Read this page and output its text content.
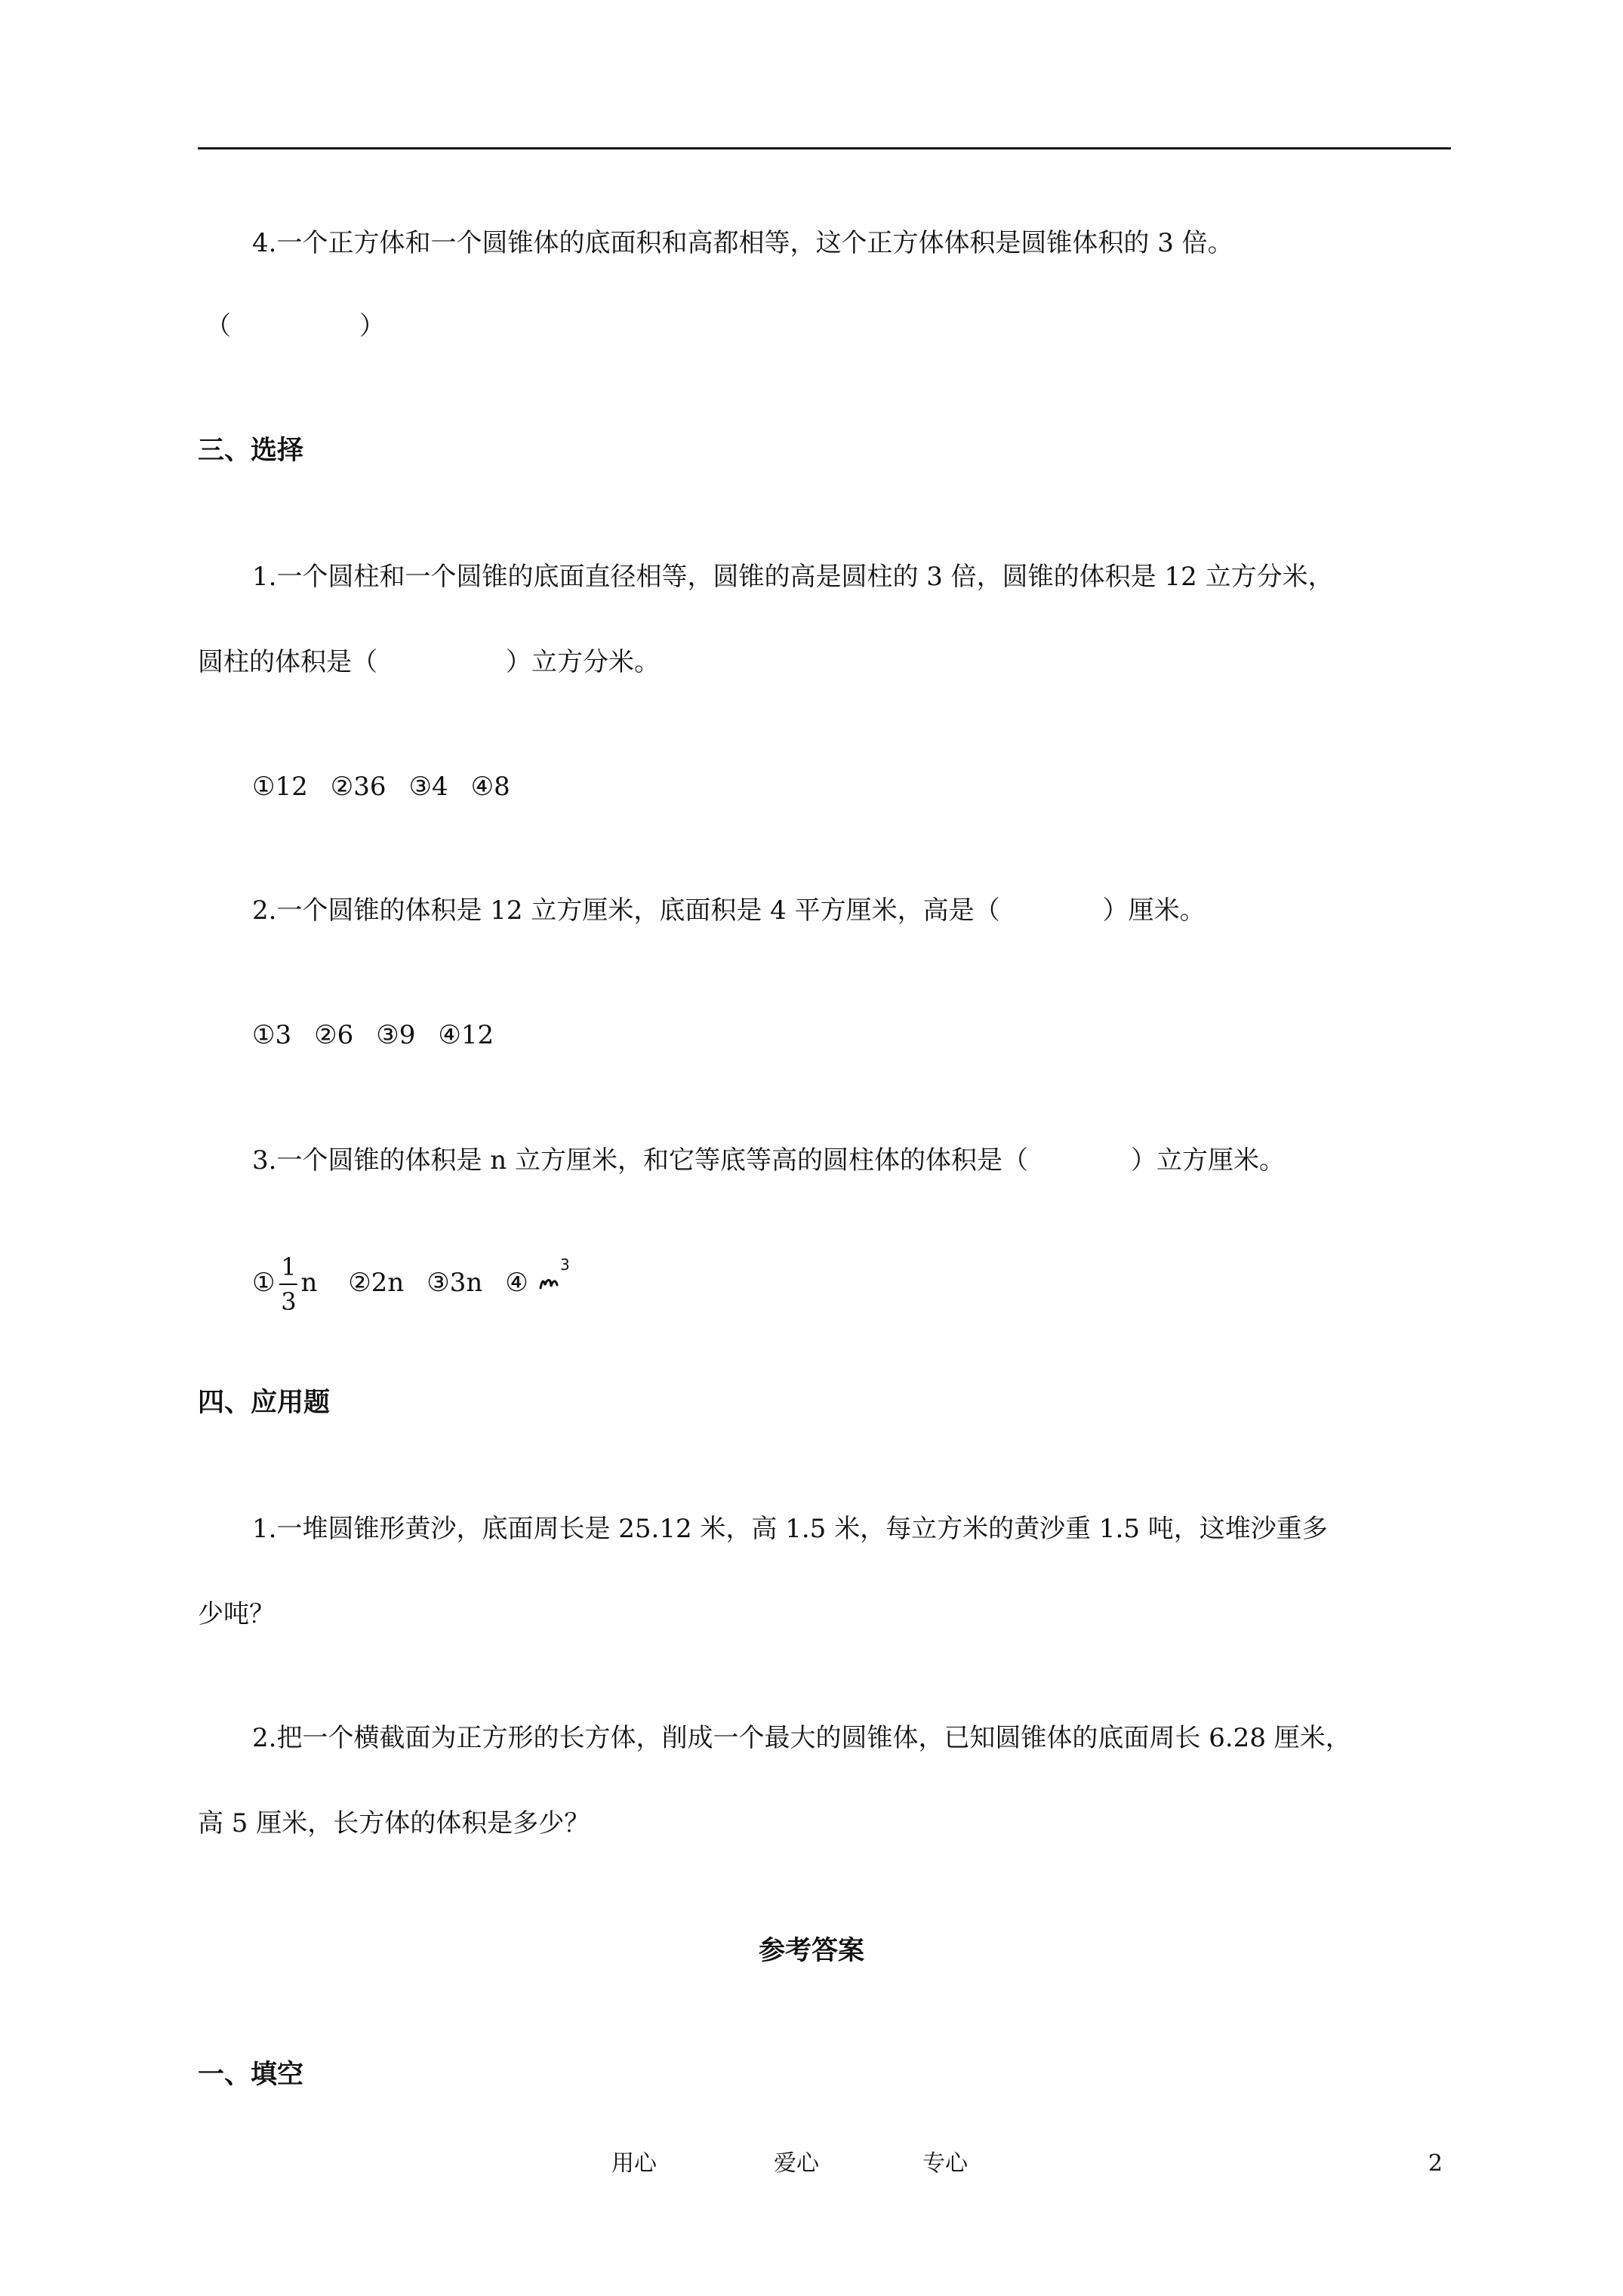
4.一个正方体和一个圆锥体的底面积和高都相等，这个正方体体积是圆锥体积的 3 倍。
（　　　　　）
三、选择
1.一个圆柱和一个圆锥的底面直径相等，圆锥的高是圆柱的 3 倍，圆锥的体积是 12 立方分米，
圆柱的体积是（　　　　　）立方分米。
①12 ②36 ③4 ④8
2.一个圆锥的体积是 12 立方厘米，底面积是 4 平方厘米，高是（　　　　）厘米。
①3 ②6 ③9 ④12
3.一个圆锥的体积是 n 立方厘米，和它等底等高的圆柱体的体积是（　　　　）立方厘米。
① $\frac{1}{3}$ n ②2n ③3n ④
3
四、应用题
1.一堆圆锥形黄沙，底面周长是 25.12 米，高 1.5 米，每立方米的黄沙重 1.5 吨，这堆沙重多
少吨？
2.把一个横截面为正方形的长方体，削成一个最大的圆锥体，已知圆锥体的底面周长 6.28 厘米，
高 5 厘米，长方体的体积是多少？
参考答案
一、填空
用心	爱心	专心	2
